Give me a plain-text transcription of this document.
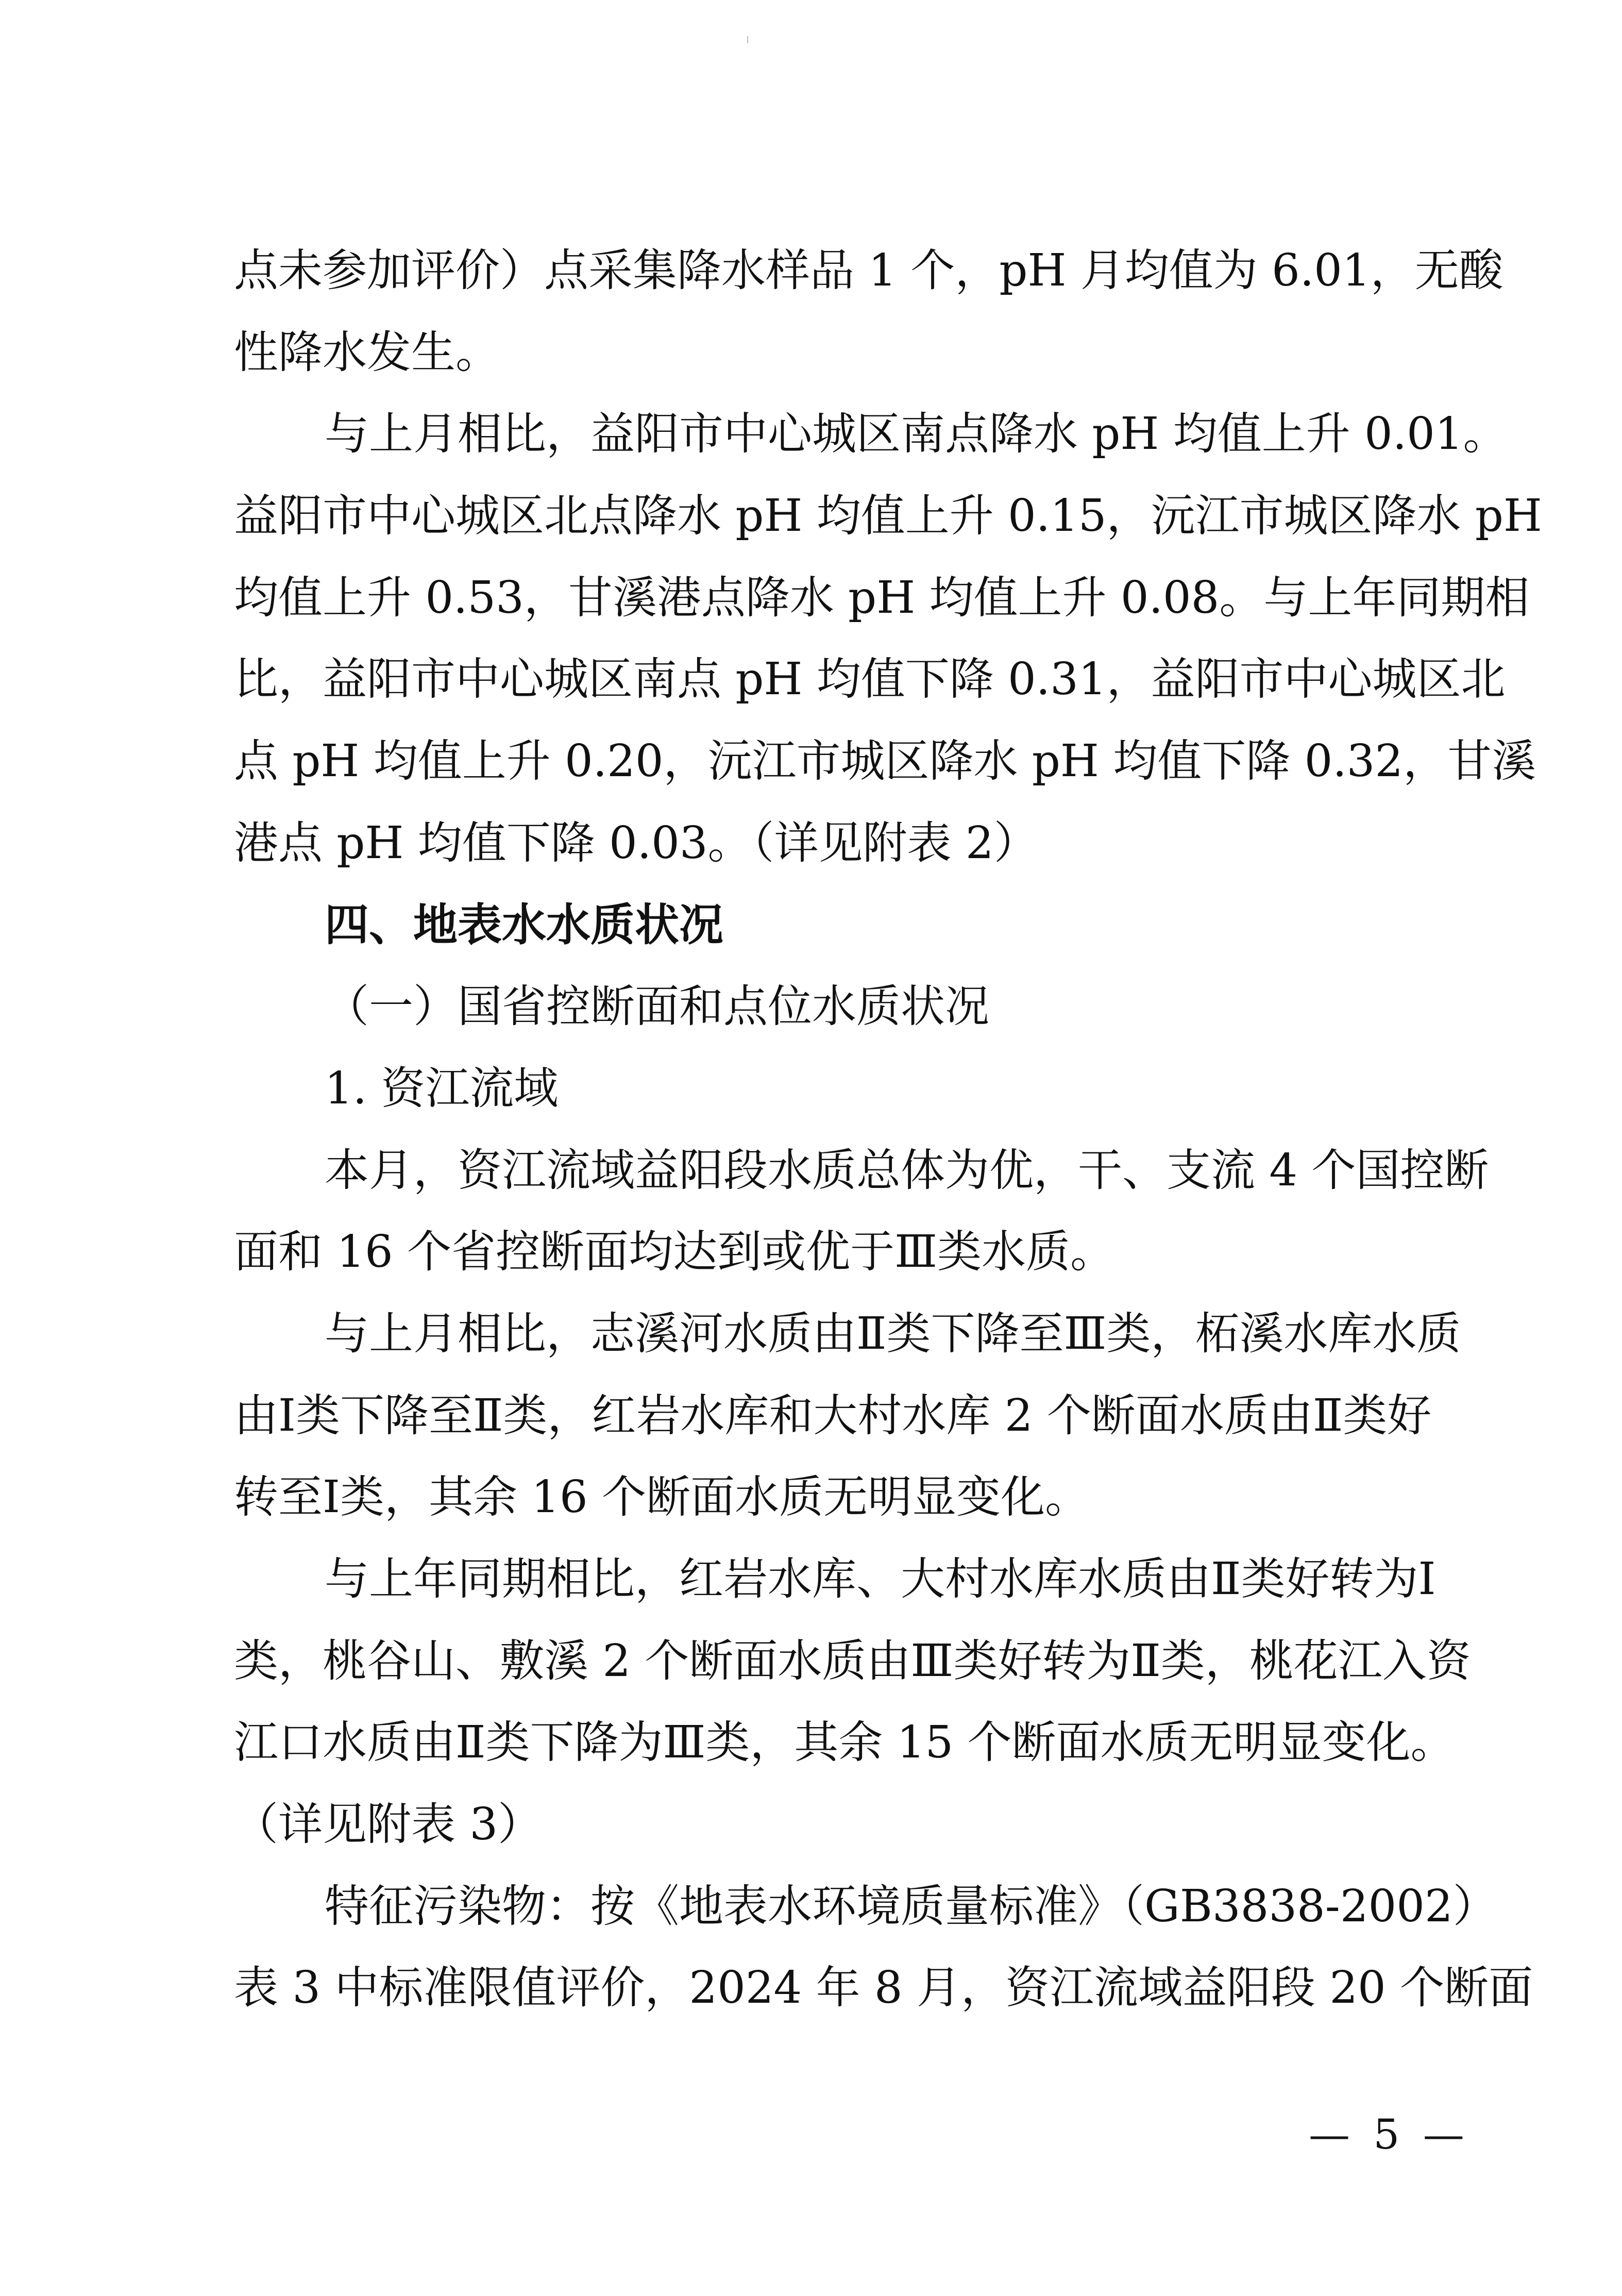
点未参加评价）点采集降水样品 1 个，pH 月均值为 6.01，无酸
性降水发生。
与上月相比，益阳市中心城区南点降水 pH 均值上升 0.01。
益阳市中心城区北点降水 pH 均值上升 0.15，沅江市城区降水 pH
均值上升 0.53，甘溪港点降水 pH 均值上升 0.08。与上年同期相
比，益阳市中心城区南点 pH 均值下降 0.31，益阳市中心城区北
点 pH 均值上升 0.20，沅江市城区降水 pH 均值下降 0.32，甘溪
港点 pH 均值下降 0.03。（详见附表 2）
四、地表水水质状况
（一）国省控断面和点位水质状况
1. 资江流域
本月，资江流域益阳段水质总体为优，干、支流 4 个国控断
面和 16 个省控断面均达到或优于Ⅲ类水质。
与上月相比，志溪河水质由Ⅱ类下降至Ⅲ类，柘溪水库水质
由Ⅰ类下降至Ⅱ类，红岩水库和大村水库 2 个断面水质由Ⅱ类好
转至Ⅰ类，其余 16 个断面水质无明显变化。
与上年同期相比，红岩水库、大村水库水质由Ⅱ类好转为Ⅰ
类，桃谷山、敷溪 2 个断面水质由Ⅲ类好转为Ⅱ类，桃花江入资
江口水质由Ⅱ类下降为Ⅲ类，其余 15 个断面水质无明显变化。
（详见附表 3）
特征污染物：按《地表水环境质量标准》（GB3838-2002）
表 3 中标准限值评价，2024 年 8 月，资江流域益阳段 20 个断面
— 5 —
